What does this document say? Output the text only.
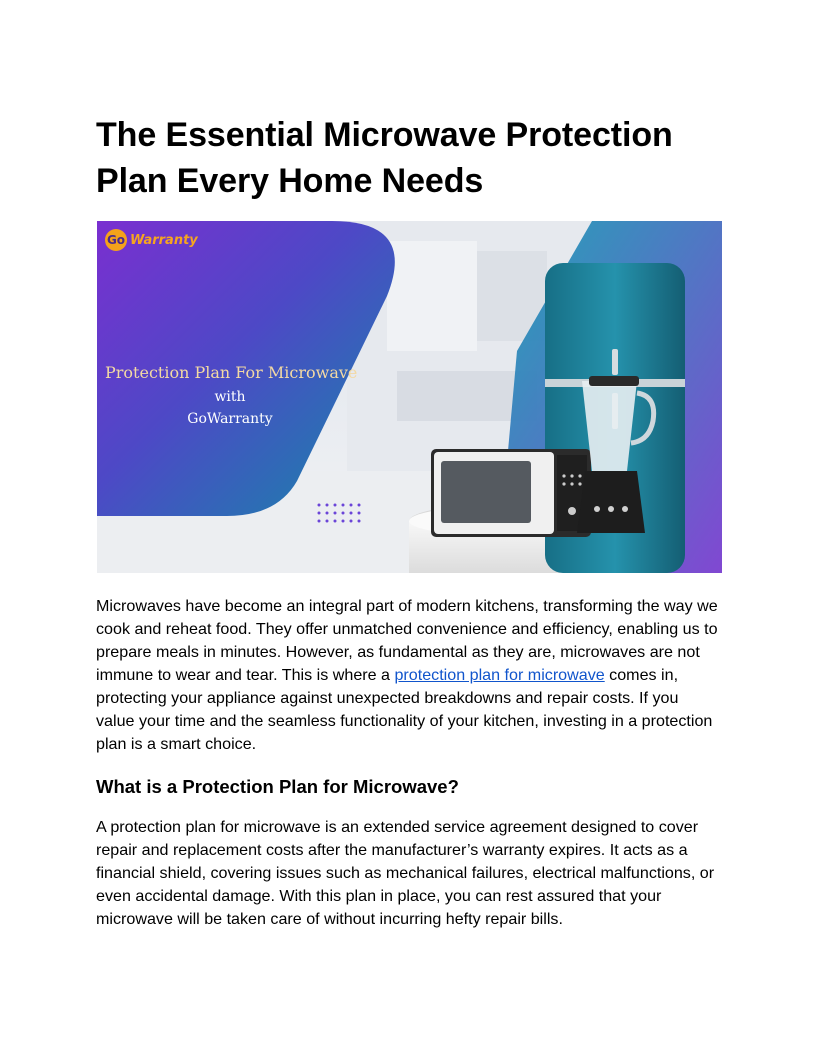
The Essential Microwave Protection Plan Every Home Needs
Go Warranty
Protection Plan For Microwave
with
GoWarranty

Microwaves have become an integral part of modern kitchens, transforming the way we cook and reheat food. They offer unmatched convenience and efficiency, enabling us to prepare meals in minutes. However, as fundamental as they are, microwaves are not immune to wear and tear. This is where a protection plan for microwave comes in, protecting your appliance against unexpected breakdowns and repair costs. If you value your time and the seamless functionality of your kitchen, investing in a protection plan is a smart choice.

What is a Protection Plan for Microwave?

A protection plan for microwave is an extended service agreement designed to cover repair and replacement costs after the manufacturer’s warranty expires. It acts as a financial shield, covering issues such as mechanical failures, electrical malfunctions, or even accidental damage. With this plan in place, you can rest assured that your microwave will be taken care of without incurring hefty repair bills.
